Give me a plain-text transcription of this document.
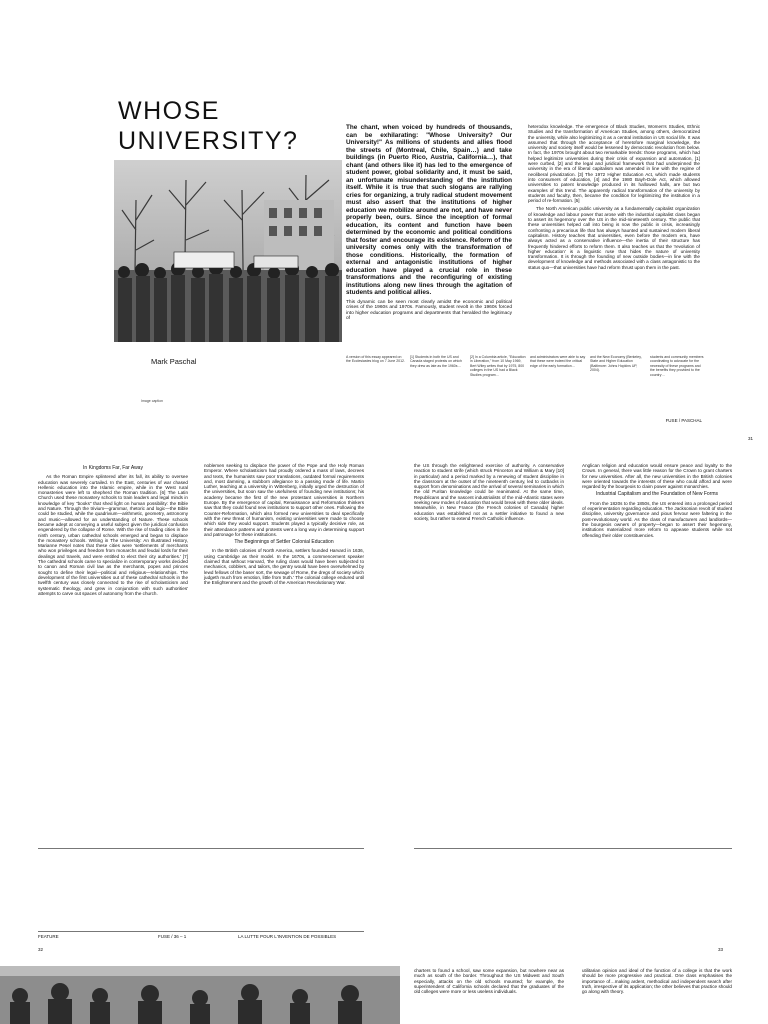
WHOSE UNIVERSITY?
Mark Paschal
Image caption

The chant, when voiced by hundreds of thousands, can be exhilarating: "Whose University? Our University!" As millions of students and allies flood the streets of (Montreal, Chile, Spain…) and take buildings (in Puerto Rico, Austria, California…), that chant (and others like it) has led to the emergence of student power, global solidarity and, it must be said, an unfortunate misunderstanding of the institution itself. While it is true that such slogans are rallying cries for organizing, a truly radical student movement must also assert that the institutions of higher education we mobilize around are not, and have never properly been, ours. Since the inception of formal education, its content and function have been determined by the economic and political conditions that foster and encourage its existence. Reform of the university comes only with the transformation of those conditions. Historically, the formation of external and antagonistic institutions of higher education have played a crucial role in these transformations and the reconfiguring of existing institutions along new lines through the agitation of students and political allies.

This dynamic can be seen most clearly amidst the economic and political crises of the 1960s and 1970s. Famously, student revolt in the 1960s forced into higher education programs and departments that heralded the legitimacy of

heterodox knowledge. The emergence of Black Studies, Women's Studies, Ethnic Studies and the transformation of American Studies, among others, democratized the university, while also legitimizing it as a central institution in US social life. It was assumed that through the acceptance of heretofore marginal knowledge, the university and society itself would be lessened by democratic revolution from below. In fact, the 1970s brought about two remarkable trends: those programs, which had helped legitimize universities during their crisis of expansion and automation, [1] were curbed, [2] and the legal and juridical framework that had underpinned the university in the era of liberal capitalism was amended in line with the regime of neoliberal privatization. [3] The 1972 Higher Education Act, which made students into consumers of education, [4] and the 1980 Bayh-Dole Act, which allowed universities to patent knowledge produced in its hallowed halls, are but two examples of this trend. The apparently radical transformation of the university by students and faculty, then, became the condition for legitimizing the institution in a period of re-formation. [5]

The North American public university as a fundamentally capitalist organization of knowledge and labour power that arose with the industrial capitalist class began to assert its hegemony over the US in the mid-nineteenth century. The public that these universities helped call into being is now the public in crisis, increasingly confronting a precarious life that has always haunted and sustained modern liberal capitalism. History teaches that universities, even before the modern era, have always acted as a conservative influence—the inertia of their structure has frequently hindered efforts to reform them. It also teaches us that the 'revolution of higher education' is a linguistic ruse that hides the nature of university transformation. It is through the founding of new outside bodies—in line with the development of knowledge and methods associated with a class antagonistic to the status quo—that universities have had reform thrust upon them in the past.

A version of this essay appeared on the Ecclesiastes blog on 7 June 2012.
[1] Students in both the US and Canada staged protests on which they drew as late as the 1960s…
[2] In a Columbia article, "Education in Liberation," from 10 May 1969, Bert Wiley writes that by 1975, 800 colleges in the US had a Black Studies program…
and administrators were able to say that these were indeed the critical edge of the early formation…
and the New Economy (Berkeley, State and Higher Education (Baltimore: Johns Hopkins UP, 2004).
students and community members coordinating to advocate for the necessity of these programs and the benefits they provided to the country…
FUSE / PASCHAL
31
In Kingdoms Far, Far Away

As the Roman Empire splintered after its fall, its ability to oversee education was severely curtailed. In the East, centuries of war chased Hellenic education into the Islamic empire, while in the West rural monasteries were left to shepherd the Roman tradition. [6] The Latin Church used these monastery schools to train leaders and legal minds in knowledge of key "books" that shed light on human possibility: the Bible and Nature. Through the trivium—grammar, rhetoric and logic—the Bible could be studied, while the quadrivium—arithmetic, geometry, astronomy and music—allowed for an understanding of Nature. These schools became adept at conveying a useful subject given the juridical confusion engendered by the collapse of Rome. With the rise of trading cities in the ninth century, urban cathedral schools emerged and began to displace the monastery schools. Writing in The University: An Illustrated History, Marianne Pesel notes that these cities were 'settlements of merchants who won privileges and freedom from monarchs and feudal lords for their dealings and travels, and were entitled to elect their city authorities.' [7] The cathedral schools came to specialize in contemporary works decided to canon and Roman civil law as the merchants, popes and princes sought to define their legal—political and religious—relationships. The development of the first universities out of these cathedral schools in the twelfth century was closely connected to the rise of scholasticism and systematic theology, and grew in conjunction with such authorities' attempts to carve out spaces of autonomy from the church.

noblemen seeking to displace the power of the Pope and the Holy Roman Emperor. Where scholasticism had proudly ordered a mass of laws, decrees and texts, the humanists saw poor translations, outdated formal requirements and, most damning, a stubborn allegiance to a passing mode of life. Martin Luther, teaching at a university in Wittenberg, initially urged the destruction of the universities, but soon saw the usefulness of founding new institutions; his academy became the first of the new protestant universities in Northern Europe. By the emergence of capital, Renaissance and Reformation thinkers saw that they could found new institutions to support other ones. Following the Counter-Reformation, which also formed new universities to deal specifically with the new threat of humanism, existing universities were made to choose which side they would support. Students played a typically decisive role, as their attendance patterns and protests went a long way in determining support and patronage for these institutions.

The Beginnings of Settler Colonial Education

In the British colonies of North America, settlers founded Harvard in 1636, using Cambridge as their model. In the 1670s, a commencement speaker claimed that without Harvard, 'the ruling class would have been subjected to mechanics, cobblers, and tailors, the gentry would have been overwhelmed by lewd fellows of the baser sort, the sewage of Rome, the dregs of society which judgeth much from emotion, little from truth.' The colonial college endured until the Enlightenment and the growth of the American Revolutionary War.

the US through the enlightened exercise of authority. A conservative reaction to student strife (which struck Princeton and William & Mary [10] in particular) and a period marked by a renewing of student discipline in the classroom at the outset of the nineteenth century, led to cutbacks in support from denominations and the arrival of several seminaries in which the old Puritan knowledge could be reanimated. At the same time, Republicans and the nascent industrialists of the mid-Atlantic states were seeking new modes of education that would break with these older ideals. Meanwhile, in New France (the French colonies of Canada) higher education was established not as a settler initiative to found a new society, but rather to extend French Catholic influence.

Anglican religion and education would ensure peace and loyalty to the Crown. In general, there was little reason for the Crown to grant charters for new universities. After all, the new universities in the British colonies were oriented towards the interests of these who could afford and were regarded by the bourgeois to claim power against monarchies.

Industrial Capitalism and the Foundation of New Forms

From the 1820s to the 1850s, the US entered into a prolonged period of experimentation regarding education. The Jacksonian revolt of student discipline, university governance and pious fervour were faltering in the post-revolutionary world. As the class of manufacturers and landlords—the bourgeois owners of property—began to assert their hegemony, institutions materialized more reform to appease students while not offending their older constituencies.

FEATURE	FUSE / 36 – 1	LA LUTTE POUR L'INVENTION DE POSSIBLES
32	33
charters to found a school, saw some expansion, but nowhere near as much as south of the border. Throughout the US Midwest and South especially, attacks on the old schools mounted; for example, the superintendent of California schools declared that the graduates of the old colleges were more or less useless individuals.
utilitarian opinion and ideal of the function of a college is that the work should be more progressive and practical. One class emphasises the importance of…making ardent, methodical and independent search after truth, irrespective of its application; the other believes that practice should go along with theory.
